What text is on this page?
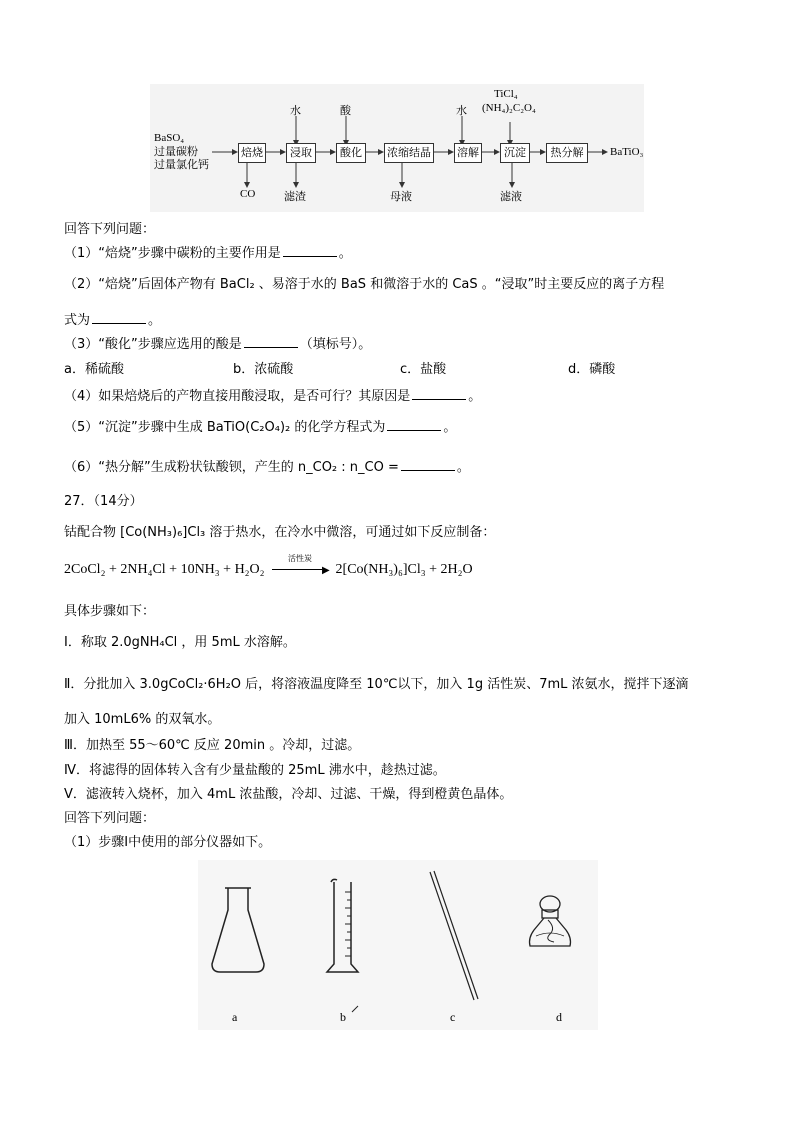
BaSO₄
过量碳粉
过量氯化钙
焙烧	浸取	酸化	浓缩结晶 溶解	沉淀	热分解	BaTiO₃
水	酸	水
TiCl₄
(NH₄)₂C₂O₄
CO	滤渣	母液	滤液
回答下列问题：
（1）“焙烧”步骤中碳粉的主要作用是	。
（2）“焙烧”后固体产物有 BaCl₂ 、易溶于水的 BaS 和微溶于水的 CaS 。“浸取”时主要反应的离子方程
式为	。
（3）“酸化”步骤应选用的酸是	（填标号）。
a．稀硫酸	b．浓硫酸	c．盐酸	d．磷酸
（4）如果焙烧后的产物直接用酸浸取，是否可行？其原因是	。
（5）“沉淀”步骤中生成 BaTiO(C₂O₄)₂ 的化学方程式为	。
（6）“热分解”生成粉状钛酸钡，产生的 n_CO₂ : n_CO =	。
27．（14分）
钴配合物 [Co(NH₃)₆]Cl₃ 溶于热水，在冷水中微溶，可通过如下反应制备：
2CoCl₂ + 2NH₄Cl + 10NH₃ + H₂O₂
活性炭
▶ 2[Co(NH₃)₆]Cl₃ + 2H₂O
具体步骤如下：
Ⅰ．称取 2.0gNH₄Cl ，用 5mL 水溶解。
Ⅱ．分批加入 3.0gCoCl₂·6H₂O 后，将溶液温度降至 10℃以下，加入 1g 活性炭、7mL 浓氨水，搅拌下逐滴
加入 10mL6% 的双氧水。
Ⅲ．加热至 55～60℃ 反应 20min 。冷却，过滤。
Ⅳ．将滤得的固体转入含有少量盐酸的 25mL 沸水中，趁热过滤。
Ⅴ．滤液转入烧杯，加入 4mL 浓盐酸，冷却、过滤、干燥，得到橙黄色晶体。
回答下列问题：
（1）步骤Ⅰ中使用的部分仪器如下。
a	b	c	d
